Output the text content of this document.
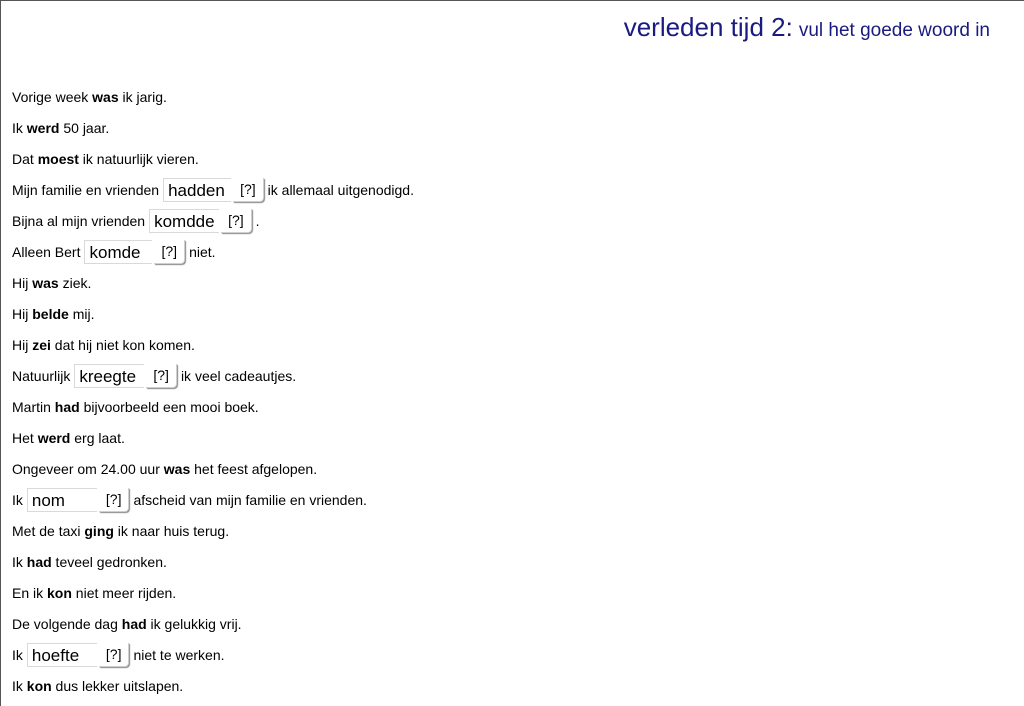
verleden tijd 2: vul het goede woord in
Vorige week was ik jarig.
Ik werd 50 jaar.
Dat moest ik natuurlijk vieren.
Mijn familie en vrienden hadden	[?] ik allemaal uitgenodigd.
Bijna al mijn vrienden komdde [?] .
Alleen Bert komde	[?] niet.
Hij was ziek.
Hij belde mij.
Hij zei dat hij niet kon komen.
Natuurlijk kreegte	[?] ik veel cadeautjes.
Martin had bijvoorbeeld een mooi boek.
Het werd erg laat.
Ongeveer om 24.00 uur was het feest afgelopen.
Ik nom	[?] afscheid van mijn familie en vrienden.
Met de taxi ging ik naar huis terug.
Ik had teveel gedronken.
En ik kon niet meer rijden.
De volgende dag had ik gelukkig vrij.
Ik hoefte	[?] niet te werken.
Ik kon dus lekker uitslapen.
